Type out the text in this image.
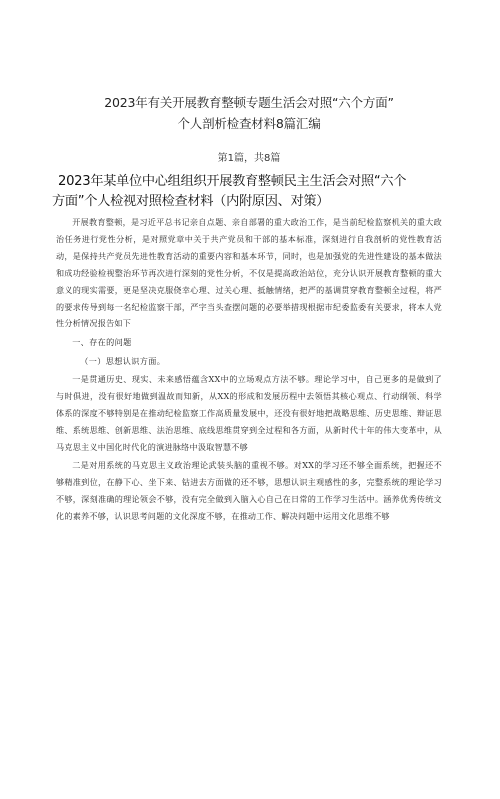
2023年有关开展教育整顿专题生活会对照“六个方面”
个人剖析检查材料8篇汇编
第1篇，共8篇
2023年某单位中心组组织开展教育整顿民主生活会对照“六个
方面”个人检视对照检查材料（内附原因、对策）

开展教育整顿，是习近平总书记亲自点题、亲自部署的重大政治工作，是当前纪检监察机关的重大政治任务进行党性分析，是对照党章中关于共产党员和干部的基本标准，深刻进行自我剖析的党性教育活动，是保持共产党员先进性教育活动的重要内容和基本环节，同时，也是加强党的先进性建设的基本做法和成功经验检视整治环节再次进行深刻的党性分析，不仅是提高政治站位，充分认识开展教育整顿的重大意义的现实需要，更是坚决克服侥幸心理、过关心理、抵触情绪，把严的基调贯穿教育整顿全过程，将严的要求传导到每一名纪检监察干部，严字当头查摆问题的必要举措现根据市纪委监委有关要求，将本人党性分析情况报告如下

一、存在的问题
（一）思想认识方面。

一是贯通历史、现实、未来感悟蕴含XX中的立场观点方法不够。理论学习中，自己更多的是做到了与时俱进，没有很好地做到温故而知新，从XX的形成和发展历程中去领悟其核心观点、行动纲领、科学体系的深度不够特别是在推动纪检监察工作高质量发展中，还没有很好地把战略思维、历史思维、辩证思维、系统思维、创新思维、法治思维、底线思维贯穿到全过程和各方面，从新时代十年的伟大变革中，从马克思主义中国化时代化的演进脉络中汲取智慧不够

二是对用系统的马克思主义政治理论武装头脑的重视不够。对XX的学习还不够全面系统，把握还不够精准到位，在静下心、坐下来、钻进去方面做的还不够，思想认识主观感性的多，完整系统的理论学习不够，深刻准确的理论领会不够，没有完全做到入脑入心自己在日常的工作学习生活中。涵养优秀传统文化的素养不够，认识思考问题的文化深度不够，在推动工作、解决问题中运用文化思维不够
